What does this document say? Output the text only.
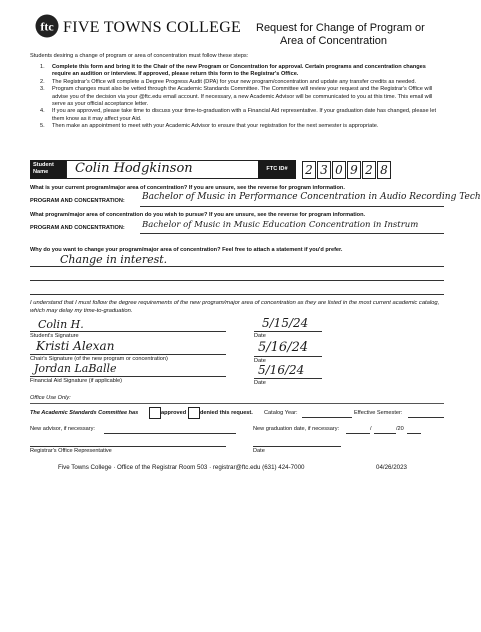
ftc FIVE TOWNS COLLEGE Request for Change of Program or
Area of Concentration
Students desiring a change of program or area of concentration must follow these steps:
1. Complete this form and bring it to the Chair of the new Program or Concentration for approval. Certain programs and concentration changes require an audition or interview. If approved, please return this form to the Registrar's Office.
2. The Registrar's Office will complete a Degree Progress Audit (DPA) for your new program/concentration and update any transfer credits as needed.
3. Program changes must also be vetted through the Academic Standards Committee. The Committee will review your request and the Registrar's Office will advise you of the decision via your @ftc.edu email account. If necessary, a new Academic Advisor will be communicated to you at this time. This email will serve as your official acceptance letter.
4. If you are approved, please take time to discuss your time-to-graduation with a Financial Aid representative. If your graduation date has changed, please let them know as it may affect your Aid.
5. Then make an appointment to meet with your Academic Advisor to ensure that your registration for the next semester is appropriate.
Student
Name	Colin Hodgkinson	FTC ID#	2 3 0 9 2 8
What is your current program/major area of concentration? If you are unsure, see the reverse for program information.
PROGRAM AND CONCENTRATION: Bachelor of Music in Performance Concentration in Audio Recording Tech
What program/major area of concentration do you wish to pursue? If you are unsure, see the reverse for program information.
PROGRAM AND CONCENTRATION: Bachelor of Music in Music Education Concentration in Instrum
Why do you want to change your program/major area of concentration? Feel free to attach a statement if you'd prefer.
Change in interest.
I understand that I must follow the degree requirements of the new program/major area of concentration as they are listed in the most current academic catalog, which may delay my time-to-graduation.
Colin H.
Student's Signature
5/15/24
Date
Kristi Alexan
Chair's Signature (of the new program or concentration)
5/16/24
Date
Jordan LaBalle
Financial Aid Signature (if applicable)
5/16/24
Date
Office Use Only:
The Academic Standards Committee has	approved denied this request. Catalog Year:	Effective Semester:
New advisor, if necessary:	New graduation date, if necessary:	/	/20
Registrar's Office Representative	Date
Five Towns College · Office of the Registrar Room 503 · registrar@ftc.edu (631) 424-7000	04/26/2023
